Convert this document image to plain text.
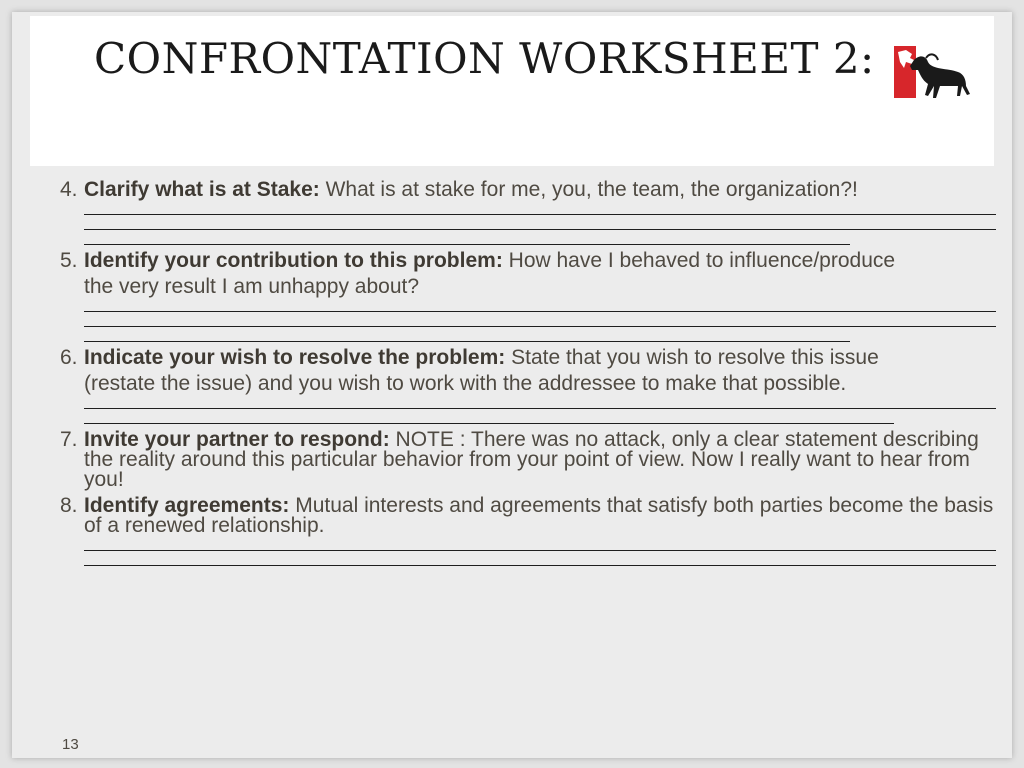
CONFRONTATION WORKSHEET 2:
4. Clarify what is at Stake: What is at stake for me, you, the team, the organization?!
5. Identify your contribution to this problem: How have I behaved to influence/produce
the very result I am unhappy about?
6. Indicate your wish to resolve the problem: State that you wish to resolve this issue
(restate the issue) and you wish to work with the addressee to make that possible.
7. Invite your partner to respond: NOTE : There was no attack, only a clear statement describing the reality around this particular behavior from your point of view. Now I really want to hear from you!
8. Identify agreements: Mutual interests and agreements that satisfy both parties become the basis of a renewed relationship.
13
